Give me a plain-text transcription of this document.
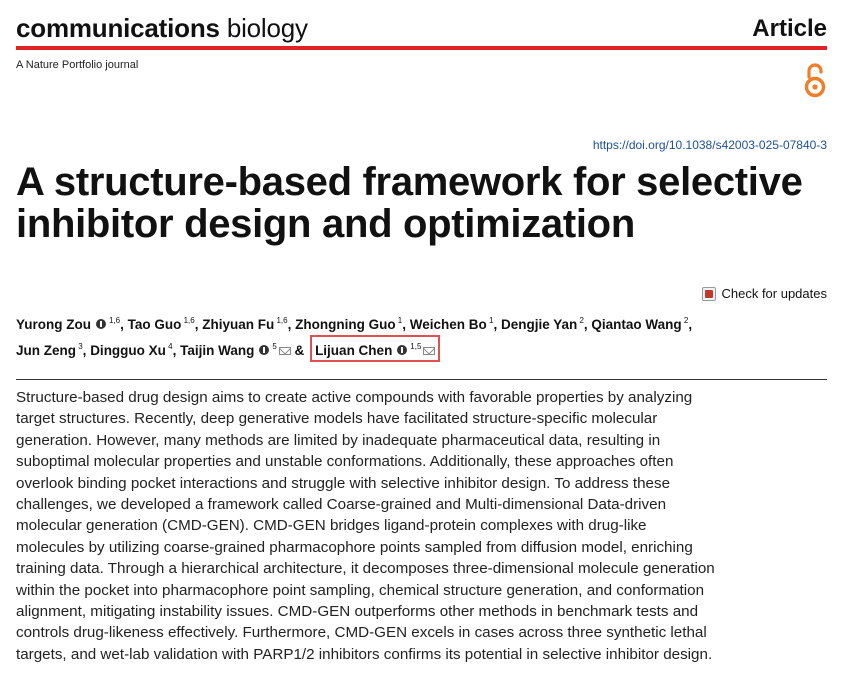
communications biology	Article
A Nature Portfolio journal
https://doi.org/10.1038/s42003-025-07840-3
A structure-based framework for selective inhibitor design and optimization
Check for updates
Yurong Zou  $^{1,6}$, Tao Guo $^{1,6}$, Zhiyuan Fu $^{1,6}$, Zhongning Guo $^1$, Weichen Bo $^1$, Dengjie Yan $^2$, Qiantao Wang $^2$,
Jun Zeng $^3$, Dingguo Xu $^4$, Taijin Wang  $^5$ & Lijuan Chen  $^{1,5}$
Structure-based drug design aims to create active compounds with favorable properties by analyzing target structures. Recently, deep generative models have facilitated structure-specific molecular generation. However, many methods are limited by inadequate pharmaceutical data, resulting in suboptimal molecular properties and unstable conformations. Additionally, these approaches often overlook binding pocket interactions and struggle with selective inhibitor design. To address these challenges, we developed a framework called Coarse-grained and Multi-dimensional Data-driven molecular generation (CMD-GEN). CMD-GEN bridges ligand-protein complexes with drug-like molecules by utilizing coarse-grained pharmacophore points sampled from diffusion model, enriching training data. Through a hierarchical architecture, it decomposes three-dimensional molecule generation within the pocket into pharmacophore point sampling, chemical structure generation, and conformation alignment, mitigating instability issues. CMD-GEN outperforms other methods in benchmark tests and controls drug-likeness effectively. Furthermore, CMD-GEN excels in cases across three synthetic lethal targets, and wet-lab validation with PARP1/2 inhibitors confirms its potential in selective inhibitor design.
